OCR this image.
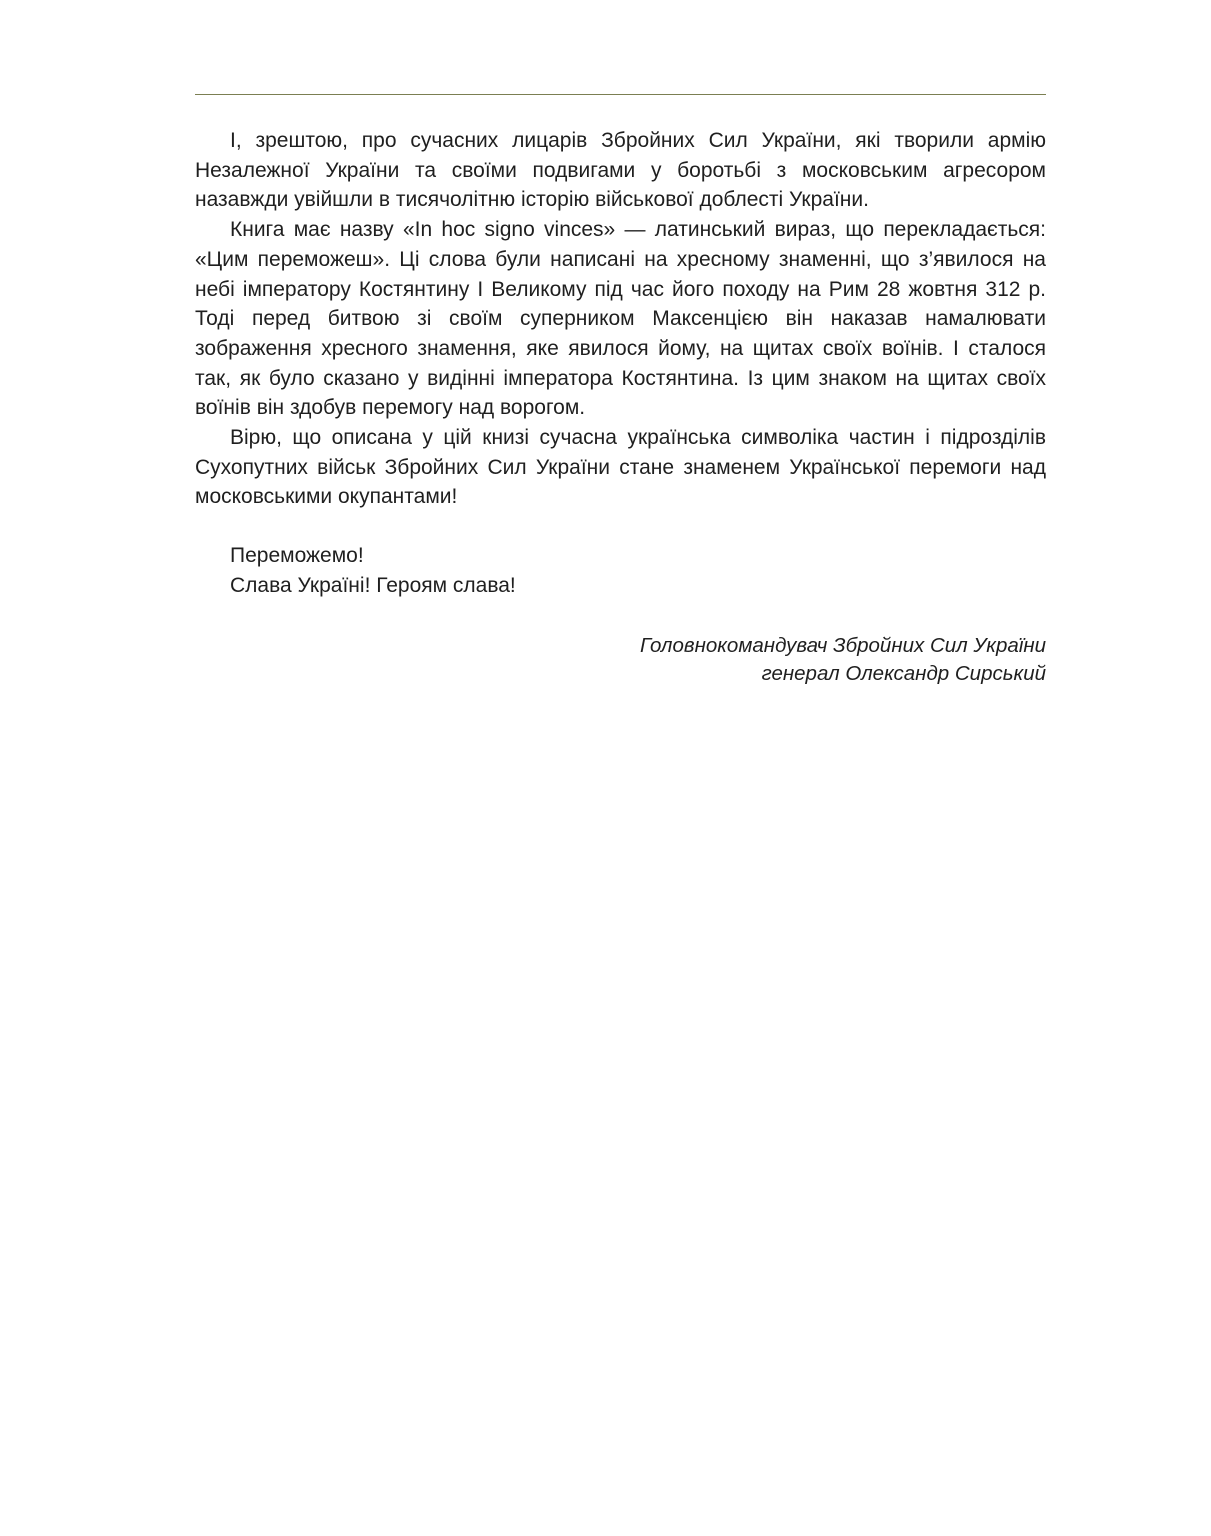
І, зрештою, про сучасних лицарів Збройних Сил України, які творили армію Незалежної України та своїми подвигами у боротьбі з московським агресором назавжди увійшли в тисячолітню історію військової доблесті України.

Книга має назву «In hoc signo vinces» — латинський вираз, що перекладається: «Цим переможеш». Ці слова були написані на хресному знаменні, що з’явилося на небі імператору Костянтину І Великому під час його походу на Рим 28 жовтня 312 р. Тоді перед битвою зі своїм суперником Максенцією він наказав намалювати зображення хресного знамення, яке явилося йому, на щитах своїх воїнів. І сталося так, як було сказано у видінні імператора Костянтина. Із цим знаком на щитах своїх воїнів він здобув перемогу над ворогом.

Вірю, що описана у цій книзі сучасна українська символіка частин і підрозділів Сухопутних військ Збройних Сил України стане знаменем Української перемоги над московськими окупантами!

Переможемо!
Слава Україні! Героям слава!
Головнокомандувач Збройних Сил України
генерал Олександр Сирський
